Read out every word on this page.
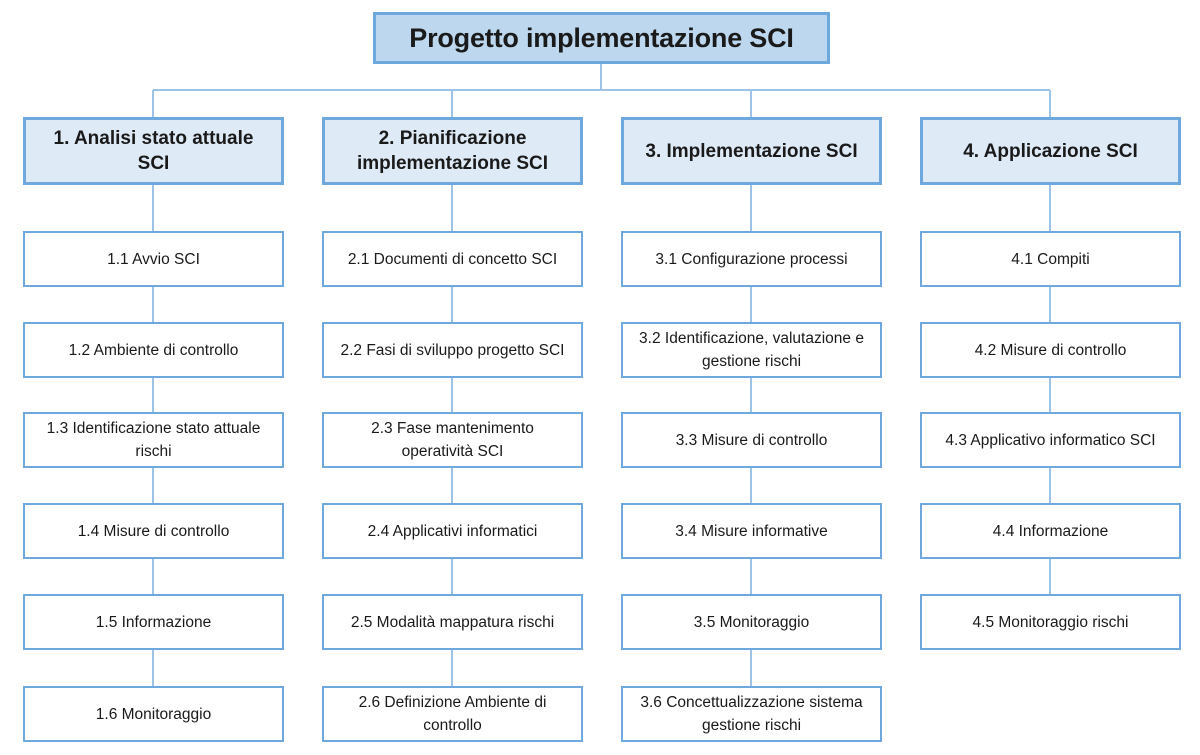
Progetto implementazione SCI
1. Analisi stato attuale SCI
1.1 Avvio SCI
1.2 Ambiente di controllo
1.3 Identificazione stato attuale rischi
1.4 Misure di controllo
1.5 Informazione
1.6 Monitoraggio
2. Pianificazione implementazione SCI
2.1 Documenti di concetto SCI
2.2 Fasi di sviluppo progetto SCI
2.3 Fase mantenimento operatività SCI
2.4 Applicativi informatici
2.5 Modalità mappatura rischi
2.6 Definizione Ambiente di controllo
3. Implementazione SCI
3.1 Configurazione processi
3.2 Identificazione, valutazione e gestione rischi
3.3 Misure di controllo
3.4 Misure informative
3.5 Monitoraggio
3.6 Concettualizzazione sistema gestione rischi
4. Applicazione SCI
4.1 Compiti
4.2 Misure di controllo
4.3 Applicativo informatico SCI
4.4 Informazione
4.5 Monitoraggio rischi
